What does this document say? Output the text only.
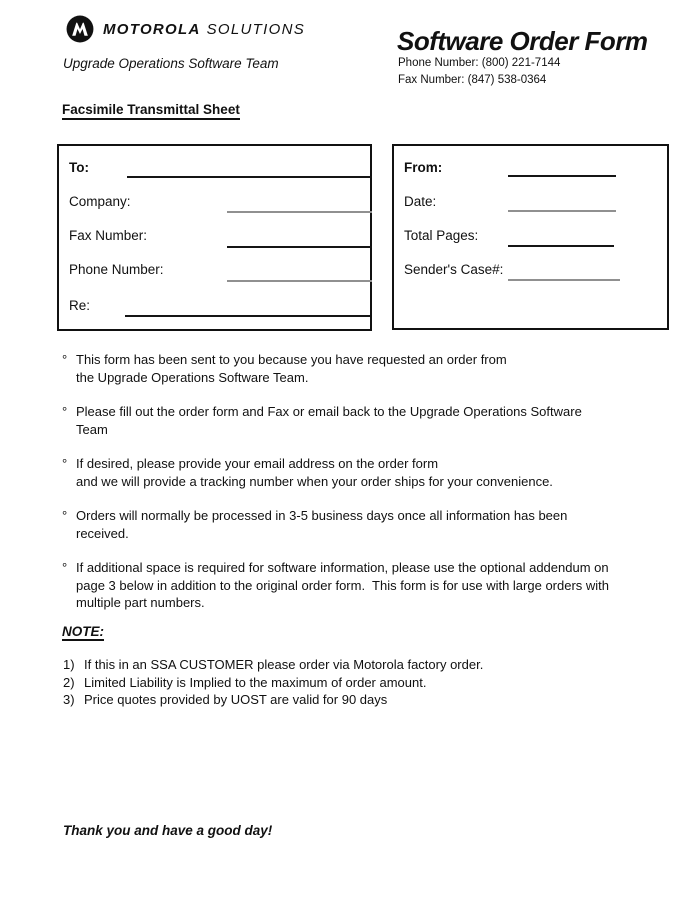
MOTOROLA SOLUTIONS
Upgrade Operations Software Team
Software Order Form
Phone Number: (800) 221-7144
Fax Number: (847) 538-0364
Facsimile Transmittal Sheet
To:
Company:
Fax Number:
Phone Number:
Re:
From:
Date:
Total Pages:
Sender's Case#:
° This form has been sent to you because you have requested an order from
the Upgrade Operations Software Team.
° Please fill out the order form and Fax or email back to the Upgrade Operations Software
Team
° If desired, please provide your email address on the order form
and we will provide a tracking number when your order ships for your convenience.
° Orders will normally be processed in 3-5 business days once all information has been
received.
° If additional space is required for software information, please use the optional addendum on
page 3 below in addition to the original order form.  This form is for use with large orders with
multiple part numbers.
NOTE:
1) If this in an SSA CUSTOMER please order via Motorola factory order.
2) Limited Liability is Implied to the maximum of order amount.
3) Price quotes provided by UOST are valid for 90 days
Thank you and have a good day!
